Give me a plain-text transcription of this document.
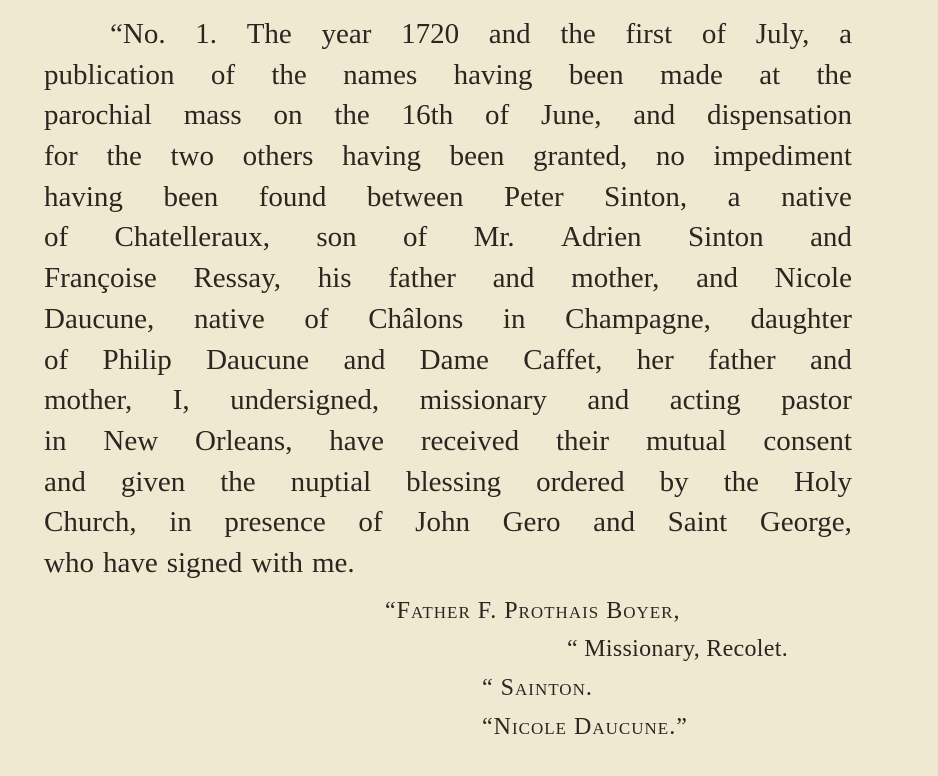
“No. 1. The year 1720 and the first of July, a
publication of the names having been made at the
parochial mass on the 16th of June, and dispensation
for the two others having been granted, no impediment
having been found between Peter Sinton, a native
of Chatelleraux, son of Mr. Adrien Sinton and
Françoise Ressay, his father and mother, and Nicole
Daucune, native of Châlons in Champagne, daughter
of Philip Daucune and Dame Caffet, her father and
mother, I, undersigned, missionary and acting pastor
in New Orleans, have received their mutual consent
and given the nuptial blessing ordered by the Holy
Church, in presence of John Gero and Saint George,
who have signed with me.
“Father F. Prothais Boyer,
“ Missionary, Recolet.
“ Sainton.
“Nicole Daucune.”
